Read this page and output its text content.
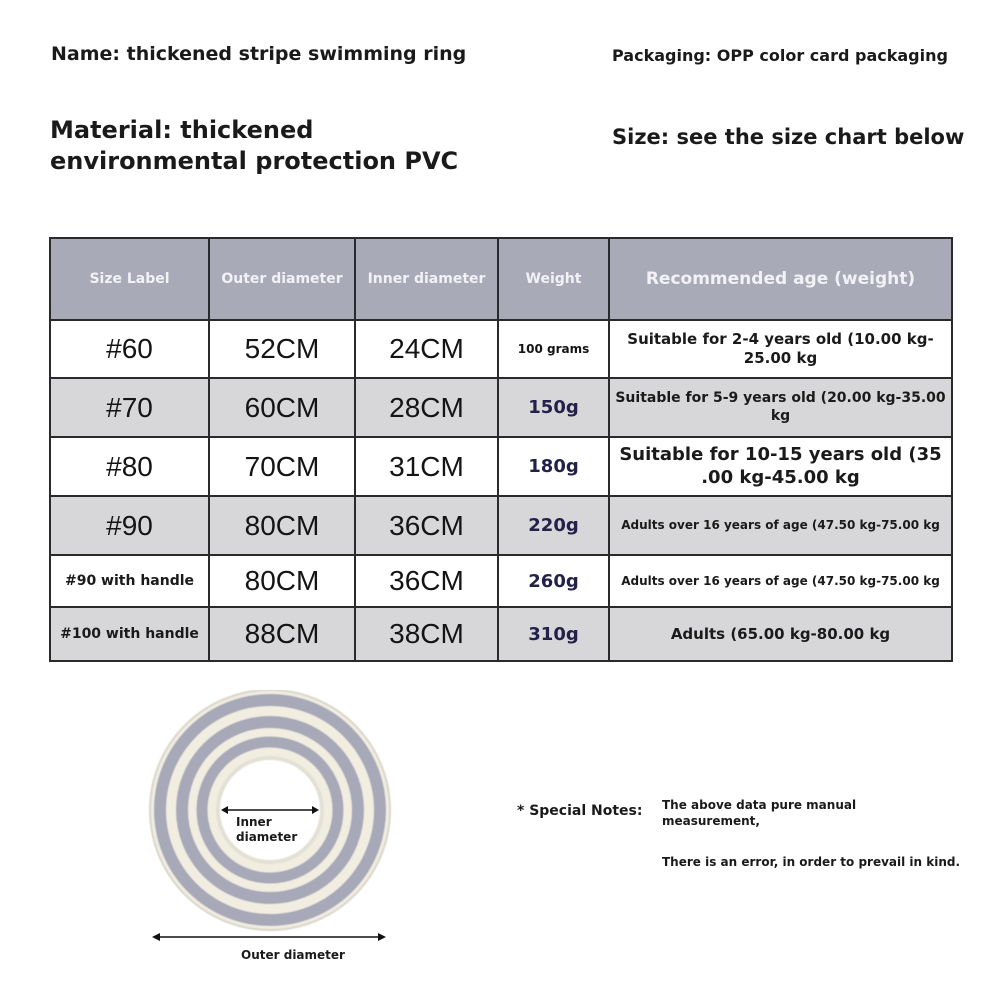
Name: thickened stripe swimming ring	Packaging: OPP color card packaging
Material: thickened
environmental protection PVC
Size: see the size chart below
Size Label	Outer diameter	Inner diameter	Weight	Recommended age (weight)
#60	52CM	24CM	100 grams	Suitable for 2-4 years old (10.00 kg-25.00 kg
#70	60CM	28CM	150g	Suitable for 5-9 years old (20.00 kg-35.00 kg
#80	70CM	31CM	180g	Suitable for 10-15 years old (35 .00 kg-45.00 kg
#90	80CM	36CM	220g	Adults over 16 years of age (47.50 kg-75.00 kg
#90 with handle	80CM	36CM	260g	Adults over 16 years of age (47.50 kg-75.00 kg
#100 with handle	88CM	38CM	310g	Adults (65.00 kg-80.00 kg
Inner diameter
Outer diameter
* Special Notes: The above data pure manual measurement,
There is an error, in order to prevail in kind.
